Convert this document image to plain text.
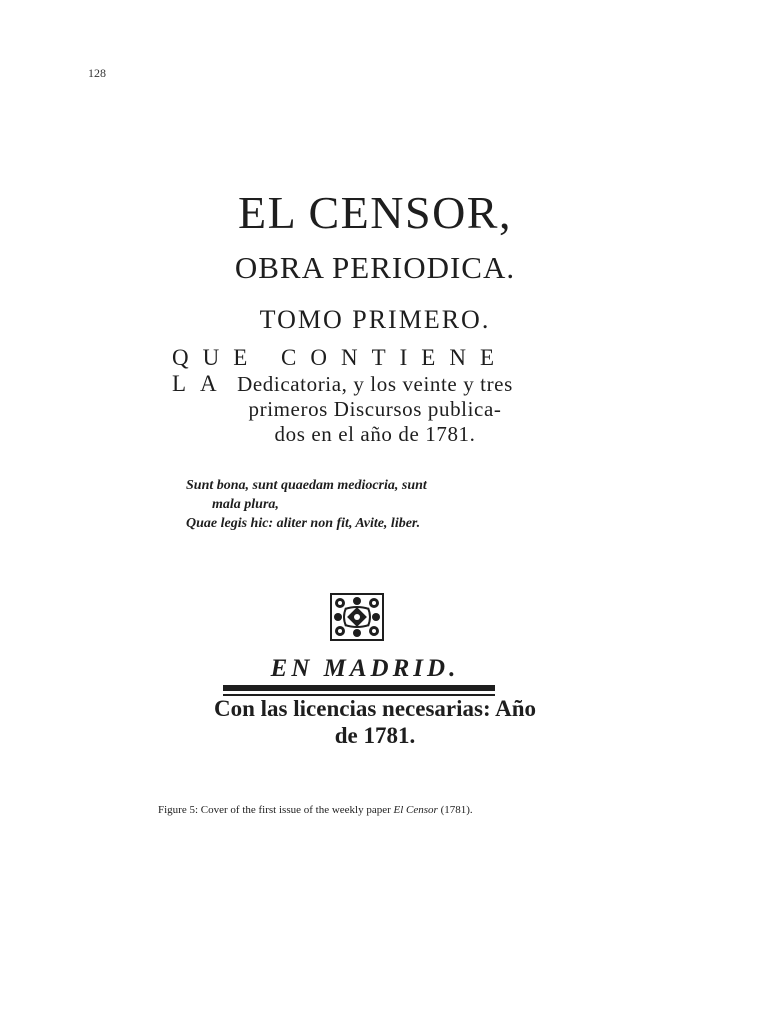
128
EL CENSOR,
OBRA PERIODICA.
TOMO PRIMERO.
QUE CONTIENE LA Dedicatoria, y los veinte y tres
primeros Discursos publica-
dos en el año de 1781.
Sunt bona, sunt quaedam mediocria, sunt
mala plura,
Quae legis hic: aliter non fit, Avite, liber.
EN MADRID.
Con las licencias necesarias: Año
de 1781.
Figure 5: Cover of the first issue of the weekly paper El Censor (1781).
